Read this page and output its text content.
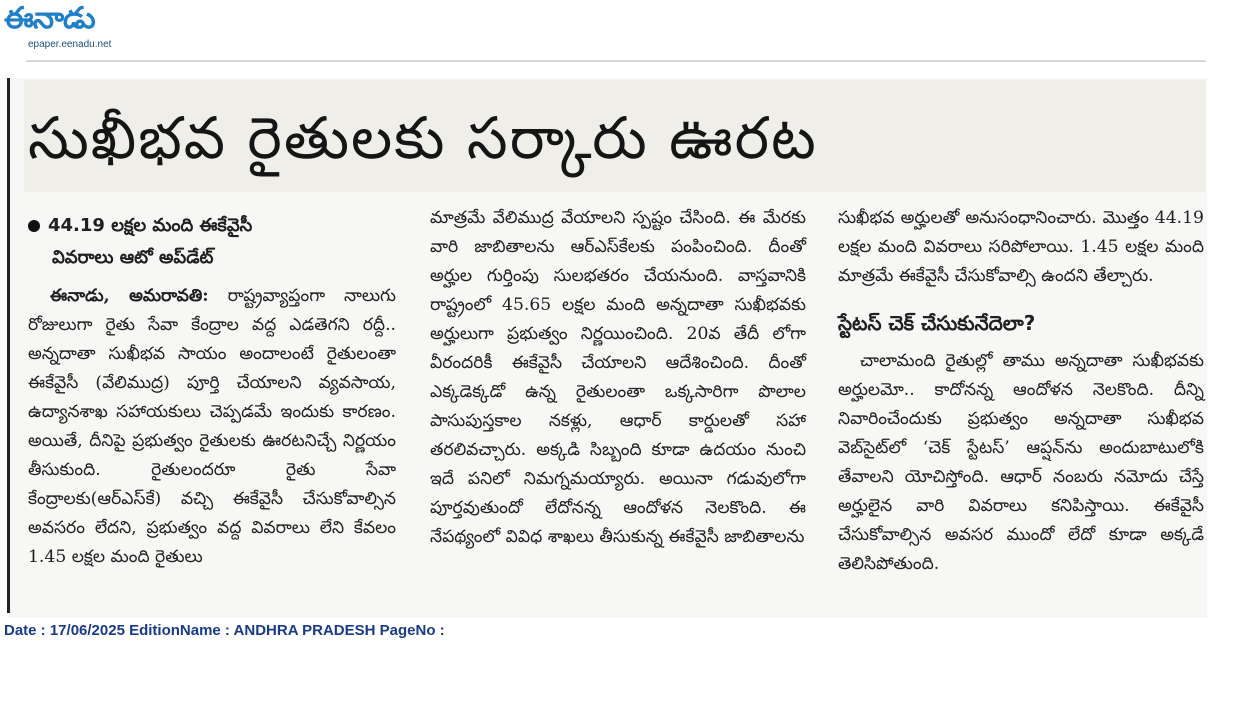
ఈనాడు
epaper.eenadu.net
సుఖీభవ రైతులకు సర్కారు ఊరట
44.19 లక్షల మంది ఈకేవైసీ
వివరాలు ఆటో అప్‌డేట్

ఈనాడు, అమరావతి: రాష్ట్రవ్యాప్తంగా నాలుగు రోజులుగా రైతు సేవా కేంద్రాల వద్ద ఎడతెగని రద్దీ.. అన్నదాతా సుఖీభవ సాయం అందాలంటే రైతులంతా ఈకేవైసీ (వేలిముద్ర) పూర్తి చేయాలని వ్యవసాయ, ఉద్యానశాఖ సహాయకులు చెప్పడమే ఇందుకు కారణం. అయితే, దీనిపై ప్రభుత్వం రైతులకు ఊరటనిచ్చే నిర్ణయం తీసుకుంది. రైతులందరూ రైతు సేవా కేంద్రాలకు(ఆర్‌ఎస్‌కే) వచ్చి ఈకేవైసీ చేసుకోవాల్సిన అవసరం లేదని, ప్రభుత్వం వద్ద వివరాలు లేని కేవలం 1.45 లక్షల మంది రైతులు

మాత్రమే వేలిముద్ర వేయాలని స్పష్టం చేసింది. ఈ మేరకు వారి జాబితాలను ఆర్‌ఎస్‌కేలకు పంపించింది. దీంతో అర్హుల గుర్తింపు సులభతరం చేయనుంది. వాస్తవానికి రాష్ట్రంలో 45.65 లక్షల మంది అన్నదాతా సుఖీభవకు అర్హులుగా ప్రభుత్వం నిర్ణయించింది. 20వ తేదీ లోగా వీరందరికీ ఈకేవైసీ చేయాలని ఆదేశించింది. దీంతో ఎక్కడెక్కడో ఉన్న రైతులంతా ఒక్కసారిగా పొలాల పాసుపుస్తకాల నకళ్లు, ఆధార్ కార్డులతో సహా తరలివచ్చారు. అక్కడి సిబ్బంది కూడా ఉదయం నుంచి ఇదే పనిలో నిమగ్నమయ్యారు. అయినా గడువులోగా పూర్తవుతుందో లేదోనన్న ఆందోళన నెలకొంది. ఈ నేపథ్యంలో వివిధ శాఖలు తీసుకున్న ఈకేవైసీ జాబితాలను

సుఖీభవ అర్హులతో అనుసంధానించారు. మొత్తం 44.19 లక్షల మంది వివరాలు సరిపోలాయి. 1.45 లక్షల మంది మాత్రమే ఈకేవైసీ చేసుకోవాల్సి ఉందని తేల్చారు.

స్టేటస్ చెక్ చేసుకునేదెలా?

చాలామంది రైతుల్లో తాము అన్నదాతా సుఖీభవకు అర్హులమో.. కాదోనన్న ఆందోళన నెలకొంది. దీన్ని నివారించేందుకు ప్రభుత్వం అన్నదాతా సుఖీభవ వెబ్‌సైట్‌లో ‘చెక్ స్టేటస్’ ఆప్షన్‌ను అందుబాటులోకి తేవాలని యోచిస్తోంది. ఆధార్ నంబరు నమోదు చేస్తే అర్హులైన వారి వివరాలు కనిపిస్తాయి. ఈకేవైసీ చేసుకోవాల్సిన అవసర ముందో లేదో కూడా అక్కడే తెలిసిపోతుంది.

Date : 17/06/2025 EditionName : ANDHRA PRADESH PageNo :
